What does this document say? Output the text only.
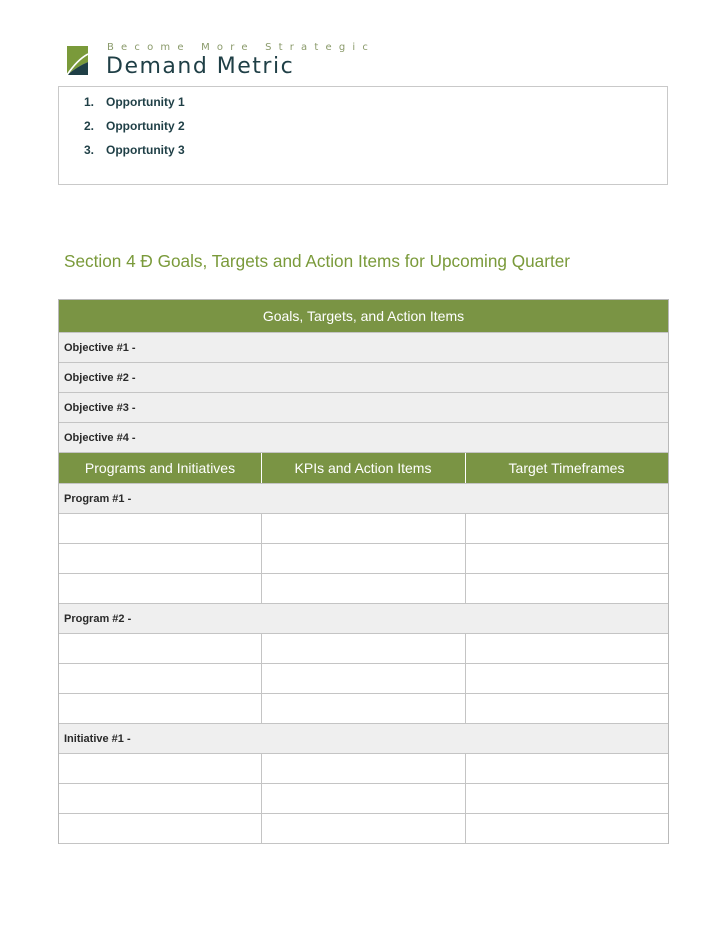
Become More Strategic
Demand Metric
1. Opportunity 1
2. Opportunity 2
3. Opportunity 3
Section 4 Ð Goals, Targets and Action Items for Upcoming Quarter
Goals, Targets, and Action Items
Objective #1 -
Objective #2 -
Objective #3 -
Objective #4 -
Programs and Initiatives	KPIs and Action Items	Target Timeframes
Program #1 -
Program #2 -
Initiative #1 -
